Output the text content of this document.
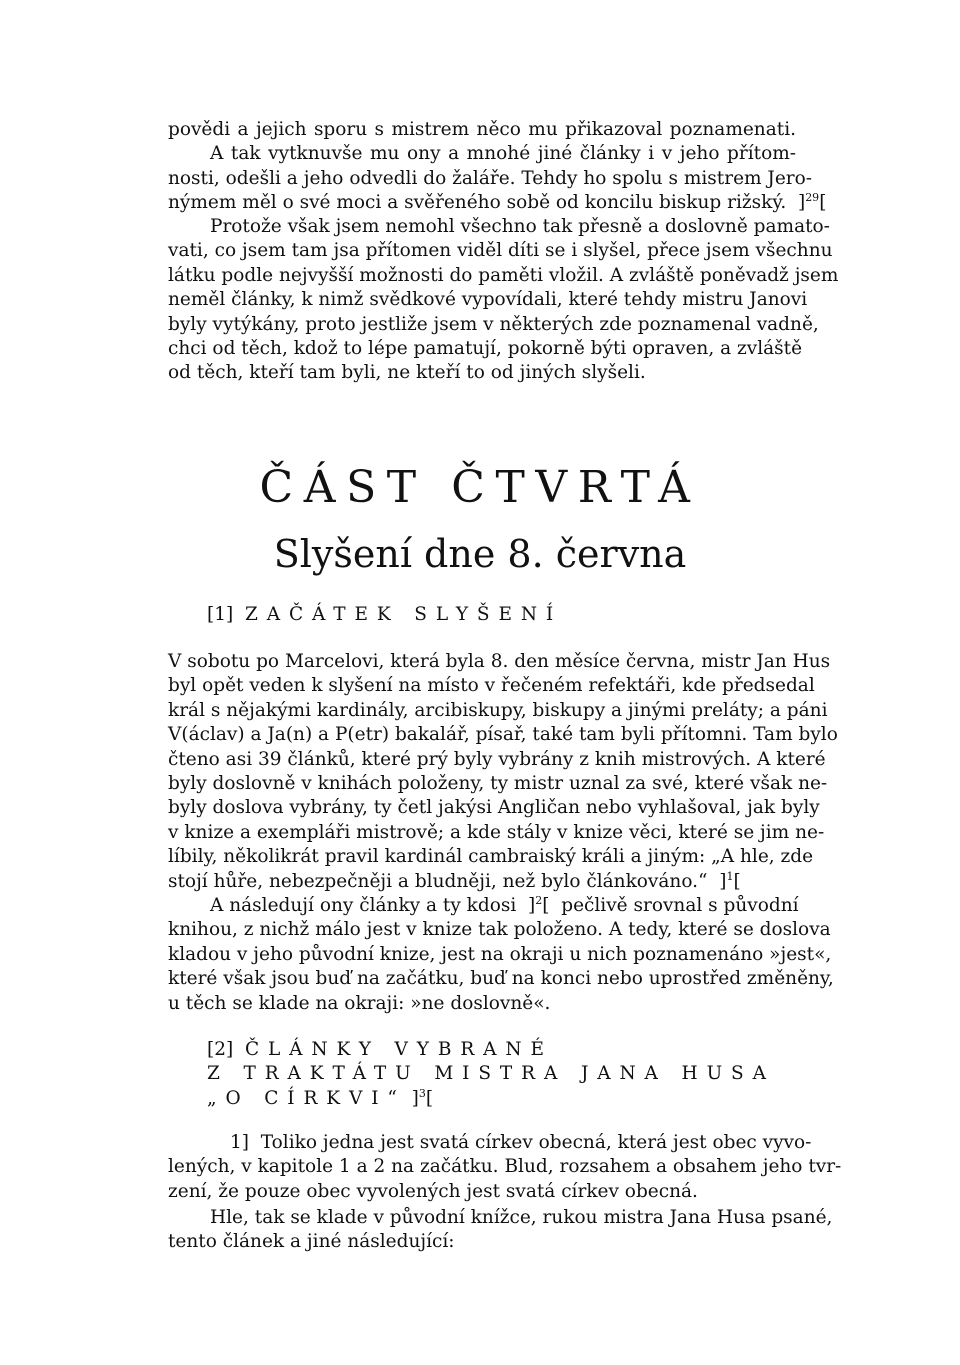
povědi a jejich sporu s mistrem něco mu přikazoval poznamenati.
A tak vytknuvše mu ony a mnohé jiné články i v jeho přítom-
nosti, odešli a jeho odvedli do žaláře. Tehdy ho spolu s mistrem Jero-
nýmem měl o své moci a svěřeného sobě od koncilu biskup rižský. ]$^{29}$[

Protože však jsem nemohl všechno tak přesně a doslovně pamato-
vati, co jsem tam jsa přítomen viděl díti se i slyšel, přece jsem všechnu
látku podle nejvyšší možnosti do paměti vložil. A zvláště poněvadž jsem
neměl články, k nimž svědkové vypovídali, které tehdy mistru Janovi
byly vytýkány, proto jestliže jsem v některých zde poznamenal vadně,
chci od těch, kdož to lépe pamatují, pokorně býti opraven, a zvláště
od těch, kteří tam byli, ne kteří to od jiných slyšeli.

ČÁST ČTVRTÁ
Slyšení dne 8. června
[1] ZAČÁTEK SLYŠENÍ

V sobotu po Marcelovi, která byla 8. den měsíce června, mistr Jan Hus
byl opět veden k slyšení na místo v řečeném refektáři, kde předsedal
král s nějakými kardinály, arcibiskupy, biskupy a jinými preláty; a páni
V(áclav) a Ja(n) a P(etr) bakalář, písař, také tam byli přítomni. Tam bylo
čteno asi 39 článků, které prý byly vybrány z knih mistrových. A které
byly doslovně v knihách položeny, ty mistr uznal za své, které však ne-
byly doslova vybrány, ty četl jakýsi Angličan nebo vyhlašoval, jak byly
v knize a exempláři mistrově; a kde stály v knize věci, které se jim ne-
líbily, několikrát pravil kardinál cambraiský králi a jiným: „A hle, zde
stojí hůře, nebezpečněji a bludněji, než bylo článkováno.“  ]$^1$[

A následují ony články a ty kdosi  ]$^2$[  pečlivě srovnal s původní
knihou, z nichž málo jest v knize tak položeno. A tedy, které se doslova
kladou v jeho původní knize, jest na okraji u nich poznamenáno »jest«,
které však jsou buď na začátku, buď na konci nebo uprostřed změněny,
u těch se klade na okraji: »ne doslovně«.

[2] ČLÁNKY VYBRANÉ
Z TRAKTÁTU MISTRA JANA HUSA
„O CÍRKVI“ ]$^3$[

1] Toliko jedna jest svatá církev obecná, která jest obec vyvo-
lených, v kapitole 1 a 2 na začátku. Blud, rozsahem a obsahem jeho tvr-
zení, že pouze obec vyvolených jest svatá církev obecná.

Hle, tak se klade v původní knížce, rukou mistra Jana Husa psané,
tento článek a jiné následující:
